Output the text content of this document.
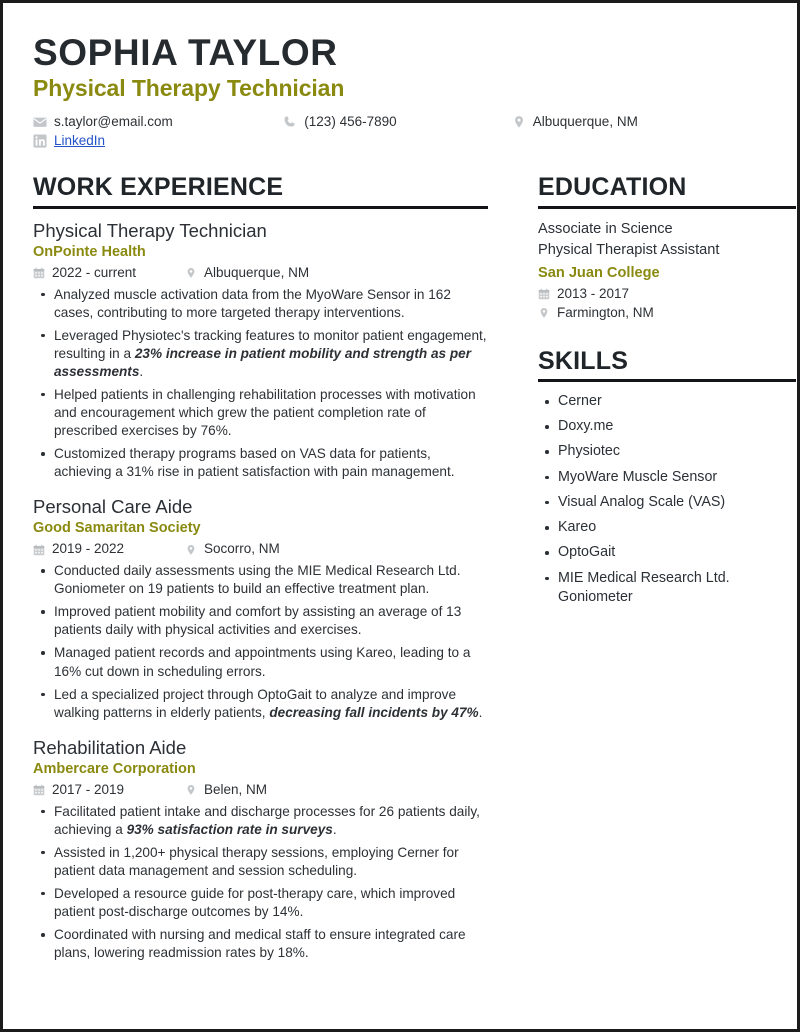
SOPHIA TAYLOR
Physical Therapy Technician
s.taylor@email.com	(123) 456-7890	Albuquerque, NM
LinkedIn
WORK EXPERIENCE
Physical Therapy Technician
OnPointe Health
2022 - current	Albuquerque, NM
Analyzed muscle activation data from the MyoWare Sensor in 162 cases, contributing to more targeted therapy interventions.
Leveraged Physiotec's tracking features to monitor patient engagement, resulting in a 23% increase in patient mobility and strength as per assessments.
Helped patients in challenging rehabilitation processes with motivation and encouragement which grew the patient completion rate of prescribed exercises by 76%.
Customized therapy programs based on VAS data for patients, achieving a 31% rise in patient satisfaction with pain management.
Personal Care Aide
Good Samaritan Society
2019 - 2022	Socorro, NM
Conducted daily assessments using the MIE Medical Research Ltd. Goniometer on 19 patients to build an effective treatment plan.
Improved patient mobility and comfort by assisting an average of 13 patients daily with physical activities and exercises.
Managed patient records and appointments using Kareo, leading to a 16% cut down in scheduling errors.
Led a specialized project through OptoGait to analyze and improve walking patterns in elderly patients, decreasing fall incidents by 47%.
Rehabilitation Aide
Ambercare Corporation
2017 - 2019	Belen, NM
Facilitated patient intake and discharge processes for 26 patients daily, achieving a 93% satisfaction rate in surveys.
Assisted in 1,200+ physical therapy sessions, employing Cerner for patient data management and session scheduling.
Developed a resource guide for post-therapy care, which improved patient post-discharge outcomes by 14%.
Coordinated with nursing and medical staff to ensure integrated care plans, lowering readmission rates by 18%.
EDUCATION
Associate in Science
Physical Therapist Assistant
San Juan College
2013 - 2017
Farmington, NM
SKILLS
Cerner
Doxy.me
Physiotec
MyoWare Muscle Sensor
Visual Analog Scale (VAS)
Kareo
OptoGait
MIE Medical Research Ltd. Goniometer
